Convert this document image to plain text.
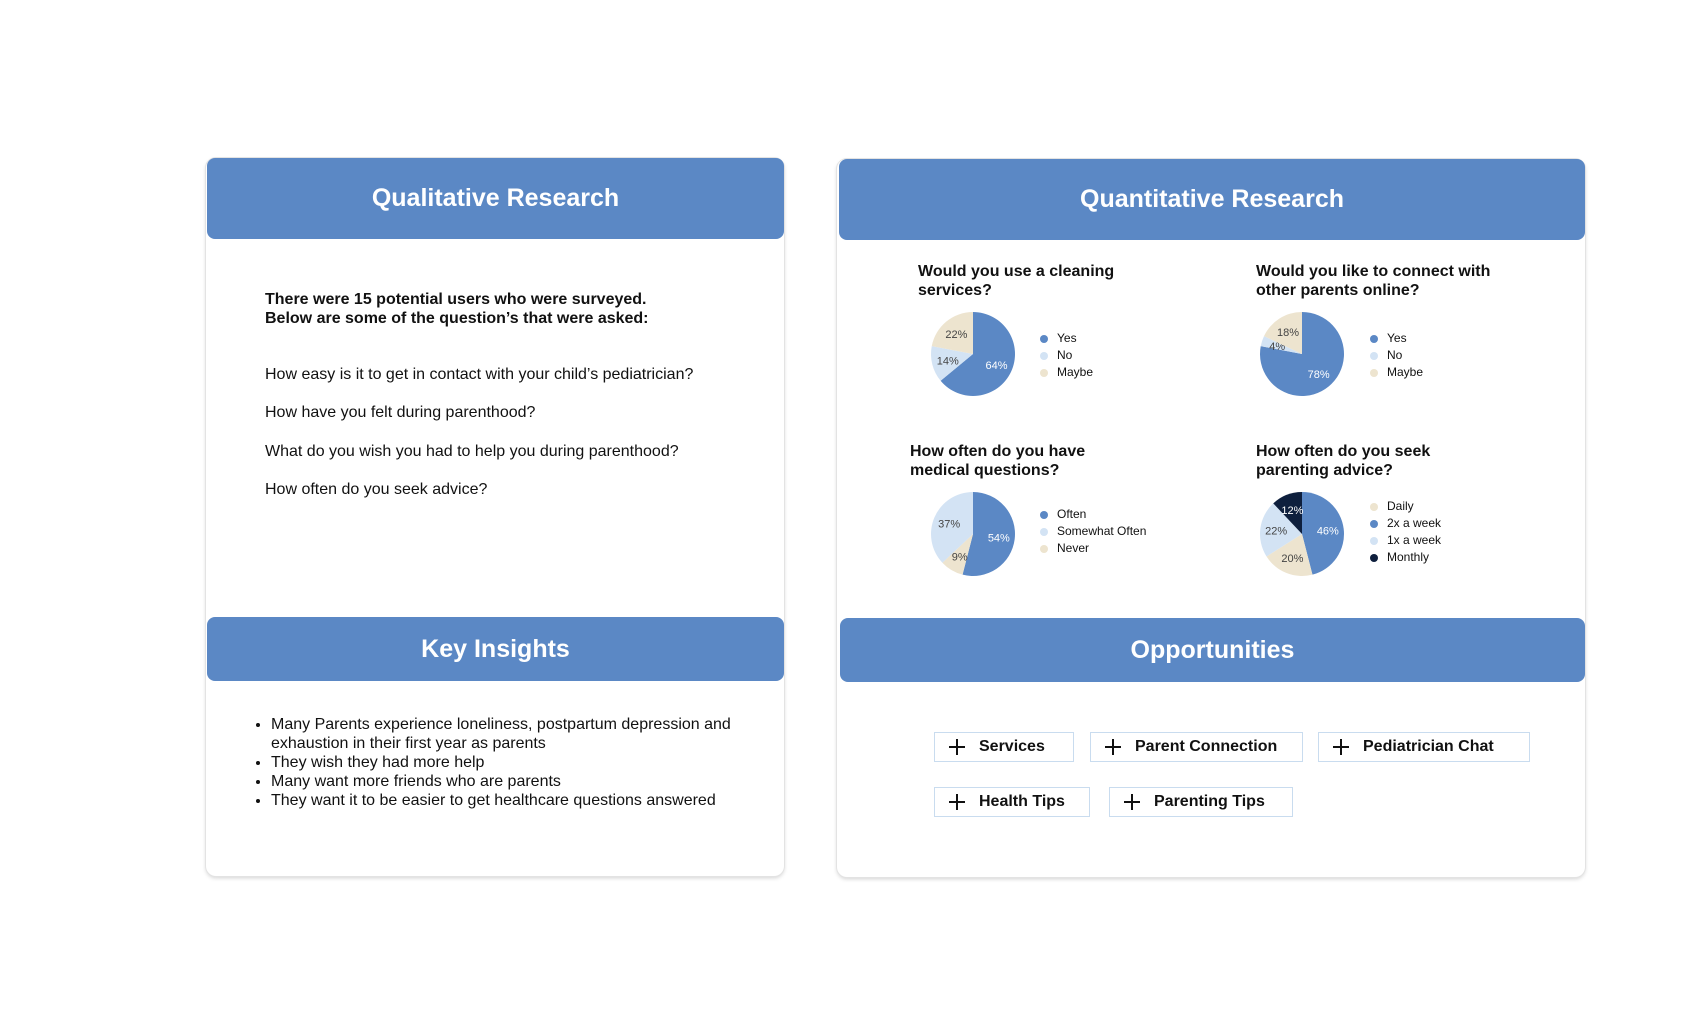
Qualitative Research
There were 15 potential users who were surveyed.
Below are some of the question’s that were asked:
How easy is it to get in contact with your child’s pediatrician?
How have you felt during parenthood?
What do you wish you had to help you during parenthood?
How often do you seek advice?
Key Insights
• Many Parents experience loneliness, postpartum depression and exhaustion in their first year as parents
• They wish they had more help
• Many want more friends who are parents
• They want it to be easier to get healthcare questions answered
Quantitative Research
Would you use a cleaning
services?
64%
14%
22%	Yes
No
Maybe
Would you like to connect with
other parents online?
78%
4%
18%	Yes
No
Maybe
How often do you have
medical questions?
54%
9%
37%
Often
Somewhat Often
Never
How often do you seek
parenting advice?
46%
20%
22%
12%	Daily
2x a week
1x a week
Monthly
Opportunities
Services	Parent Connection	Pediatrician Chat
Health Tips	Parenting Tips
